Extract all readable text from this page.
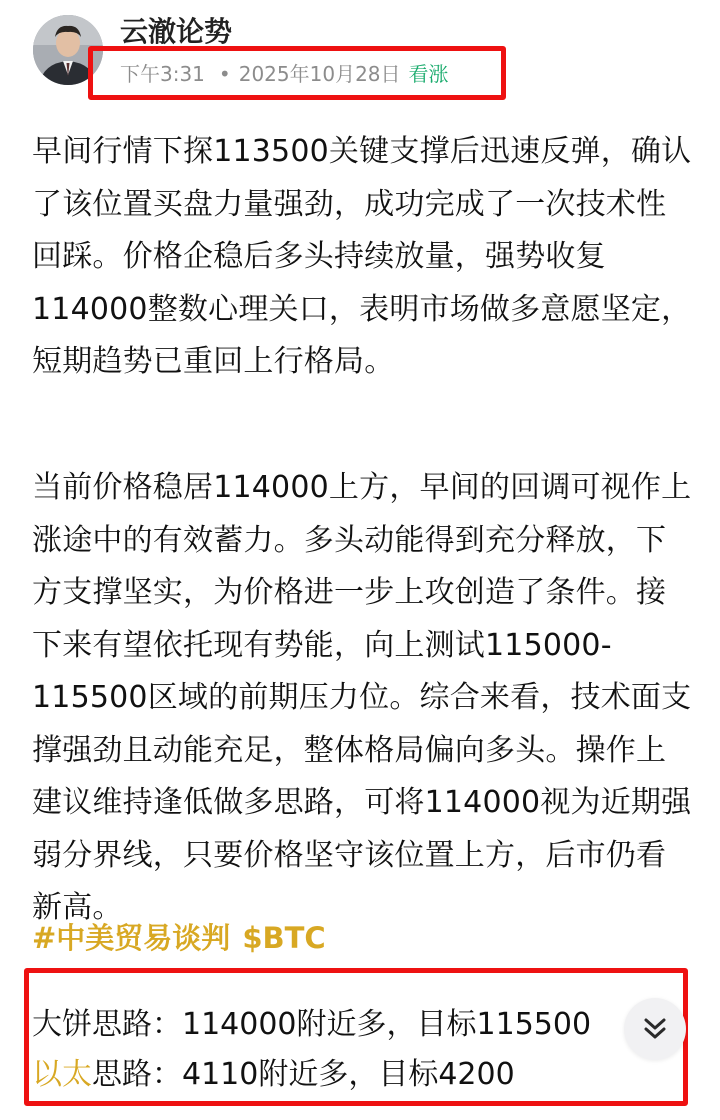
云澈论势
下午3:31 • 2025年10月28日 看涨

早间行情下探113500关键支撑后迅速反弹，确认了该位置买盘力量强劲，成功完成了一次技术性回踩。价格企稳后多头持续放量，强势收复114000整数心理关口，表明市场做多意愿坚定，短期趋势已重回上行格局。

当前价格稳居114000上方，早间的回调可视作上涨途中的有效蓄力。多头动能得到充分释放，下方支撑坚实，为价格进一步上攻创造了条件。接下来有望依托现有势能，向上测试115000-115500区域的前期压力位。综合来看，技术面支撑强劲且动能充足，整体格局偏向多头。操作上建议维持逢低做多思路，可将114000视为近期强弱分界线，只要价格坚守该位置上方，后市仍看新高。

#中美贸易谈判 $BTC
大饼思路：114000附近多，目标115500
以太思路：4110附近多，目标4200
